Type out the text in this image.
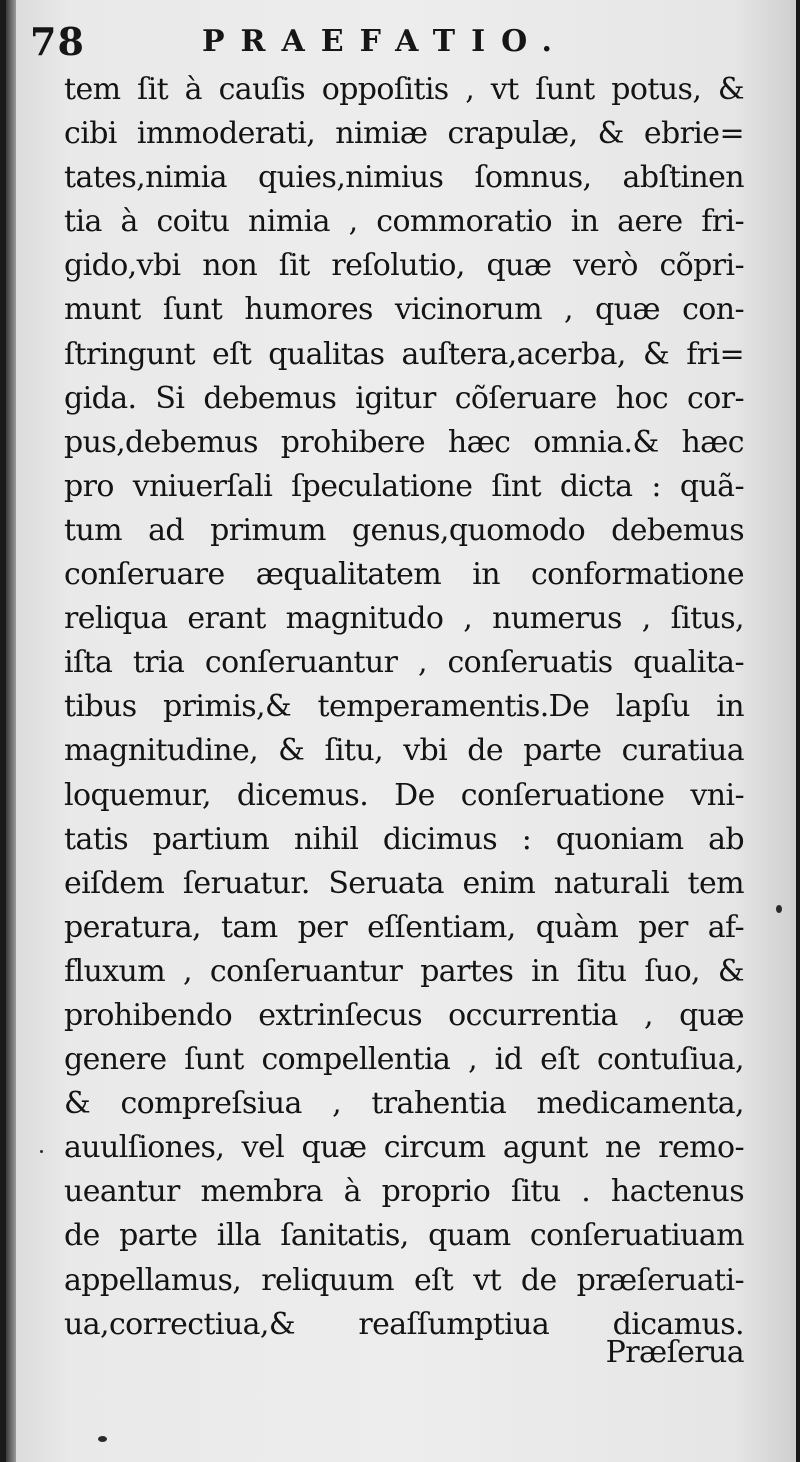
78	PRAEFATIO.
tem ſit à cauſis oppoſitis , vt ſunt potus, &
cibi immoderati, nimiæ crapulæ, & ebrie=
tates,nimia quies,nimius ſomnus, abſtinen
tia à coitu nimia , commoratio in aere fri-
gido,vbi non ſit reſolutio, quæ verò cõpri-
munt ſunt humores vicinorum , quæ con-
ſtringunt eſt qualitas auſtera,acerba, & fri=
gida. Si debemus igitur cõſeruare hoc cor-
pus,debemus prohibere hæc omnia.& hæc
pro vniuerſali ſpeculatione ſint dicta : quã-
tum ad primum genus,quomodo debemus
conſeruare æqualitatem in conformatione
reliqua erant magnitudo , numerus , ſitus,
iſta tria conſeruantur , conſeruatis qualita-
tibus primis,& temperamentis.De lapſu in
magnitudine, & ſitu, vbi de parte curatiua
loquemur, dicemus. De conſeruatione vni-
tatis partium nihil dicimus : quoniam ab
eiſdem ſeruatur. Seruata enim naturali tem
peratura, tam per eſſentiam, quàm per af-
fluxum , conſeruantur partes in ſitu ſuo, &
prohibendo extrinſecus occurrentia , quæ
genere ſunt compellentia , id eſt contuſiua,
& compreſsiua , trahentia medicamenta,
auulſiones, vel quæ circum agunt ne remo-
ueantur membra à proprio ſitu . hactenus
de parte illa ſanitatis, quam conſeruatiuam
appellamus, reliquum eſt vt de præſeruati-
ua,correctiua,& reaſſumptiua dicamus.
Præſerua
